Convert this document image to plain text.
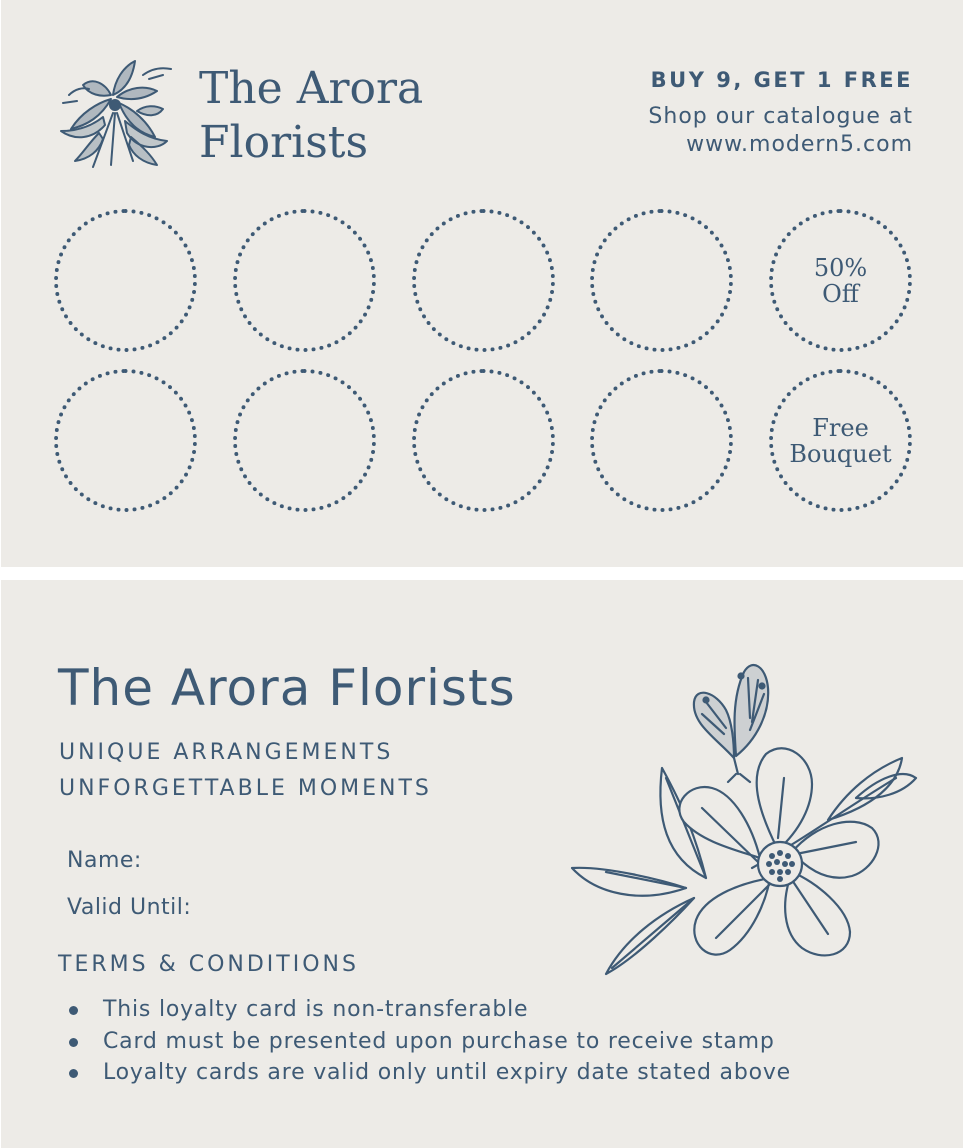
The Arora
Florists
BUY 9, GET 1 FREE
Shop our catalogue at
www.modern5.com
50%
Off
Free
Bouquet
The Arora Florists
UNIQUE ARRANGEMENTS
UNFORGETTABLE MOMENTS
Name:
Valid Until:
TERMS & CONDITIONS
This loyalty card is non-transferable
Card must be presented upon purchase to receive stamp
Loyalty cards are valid only until expiry date stated above
